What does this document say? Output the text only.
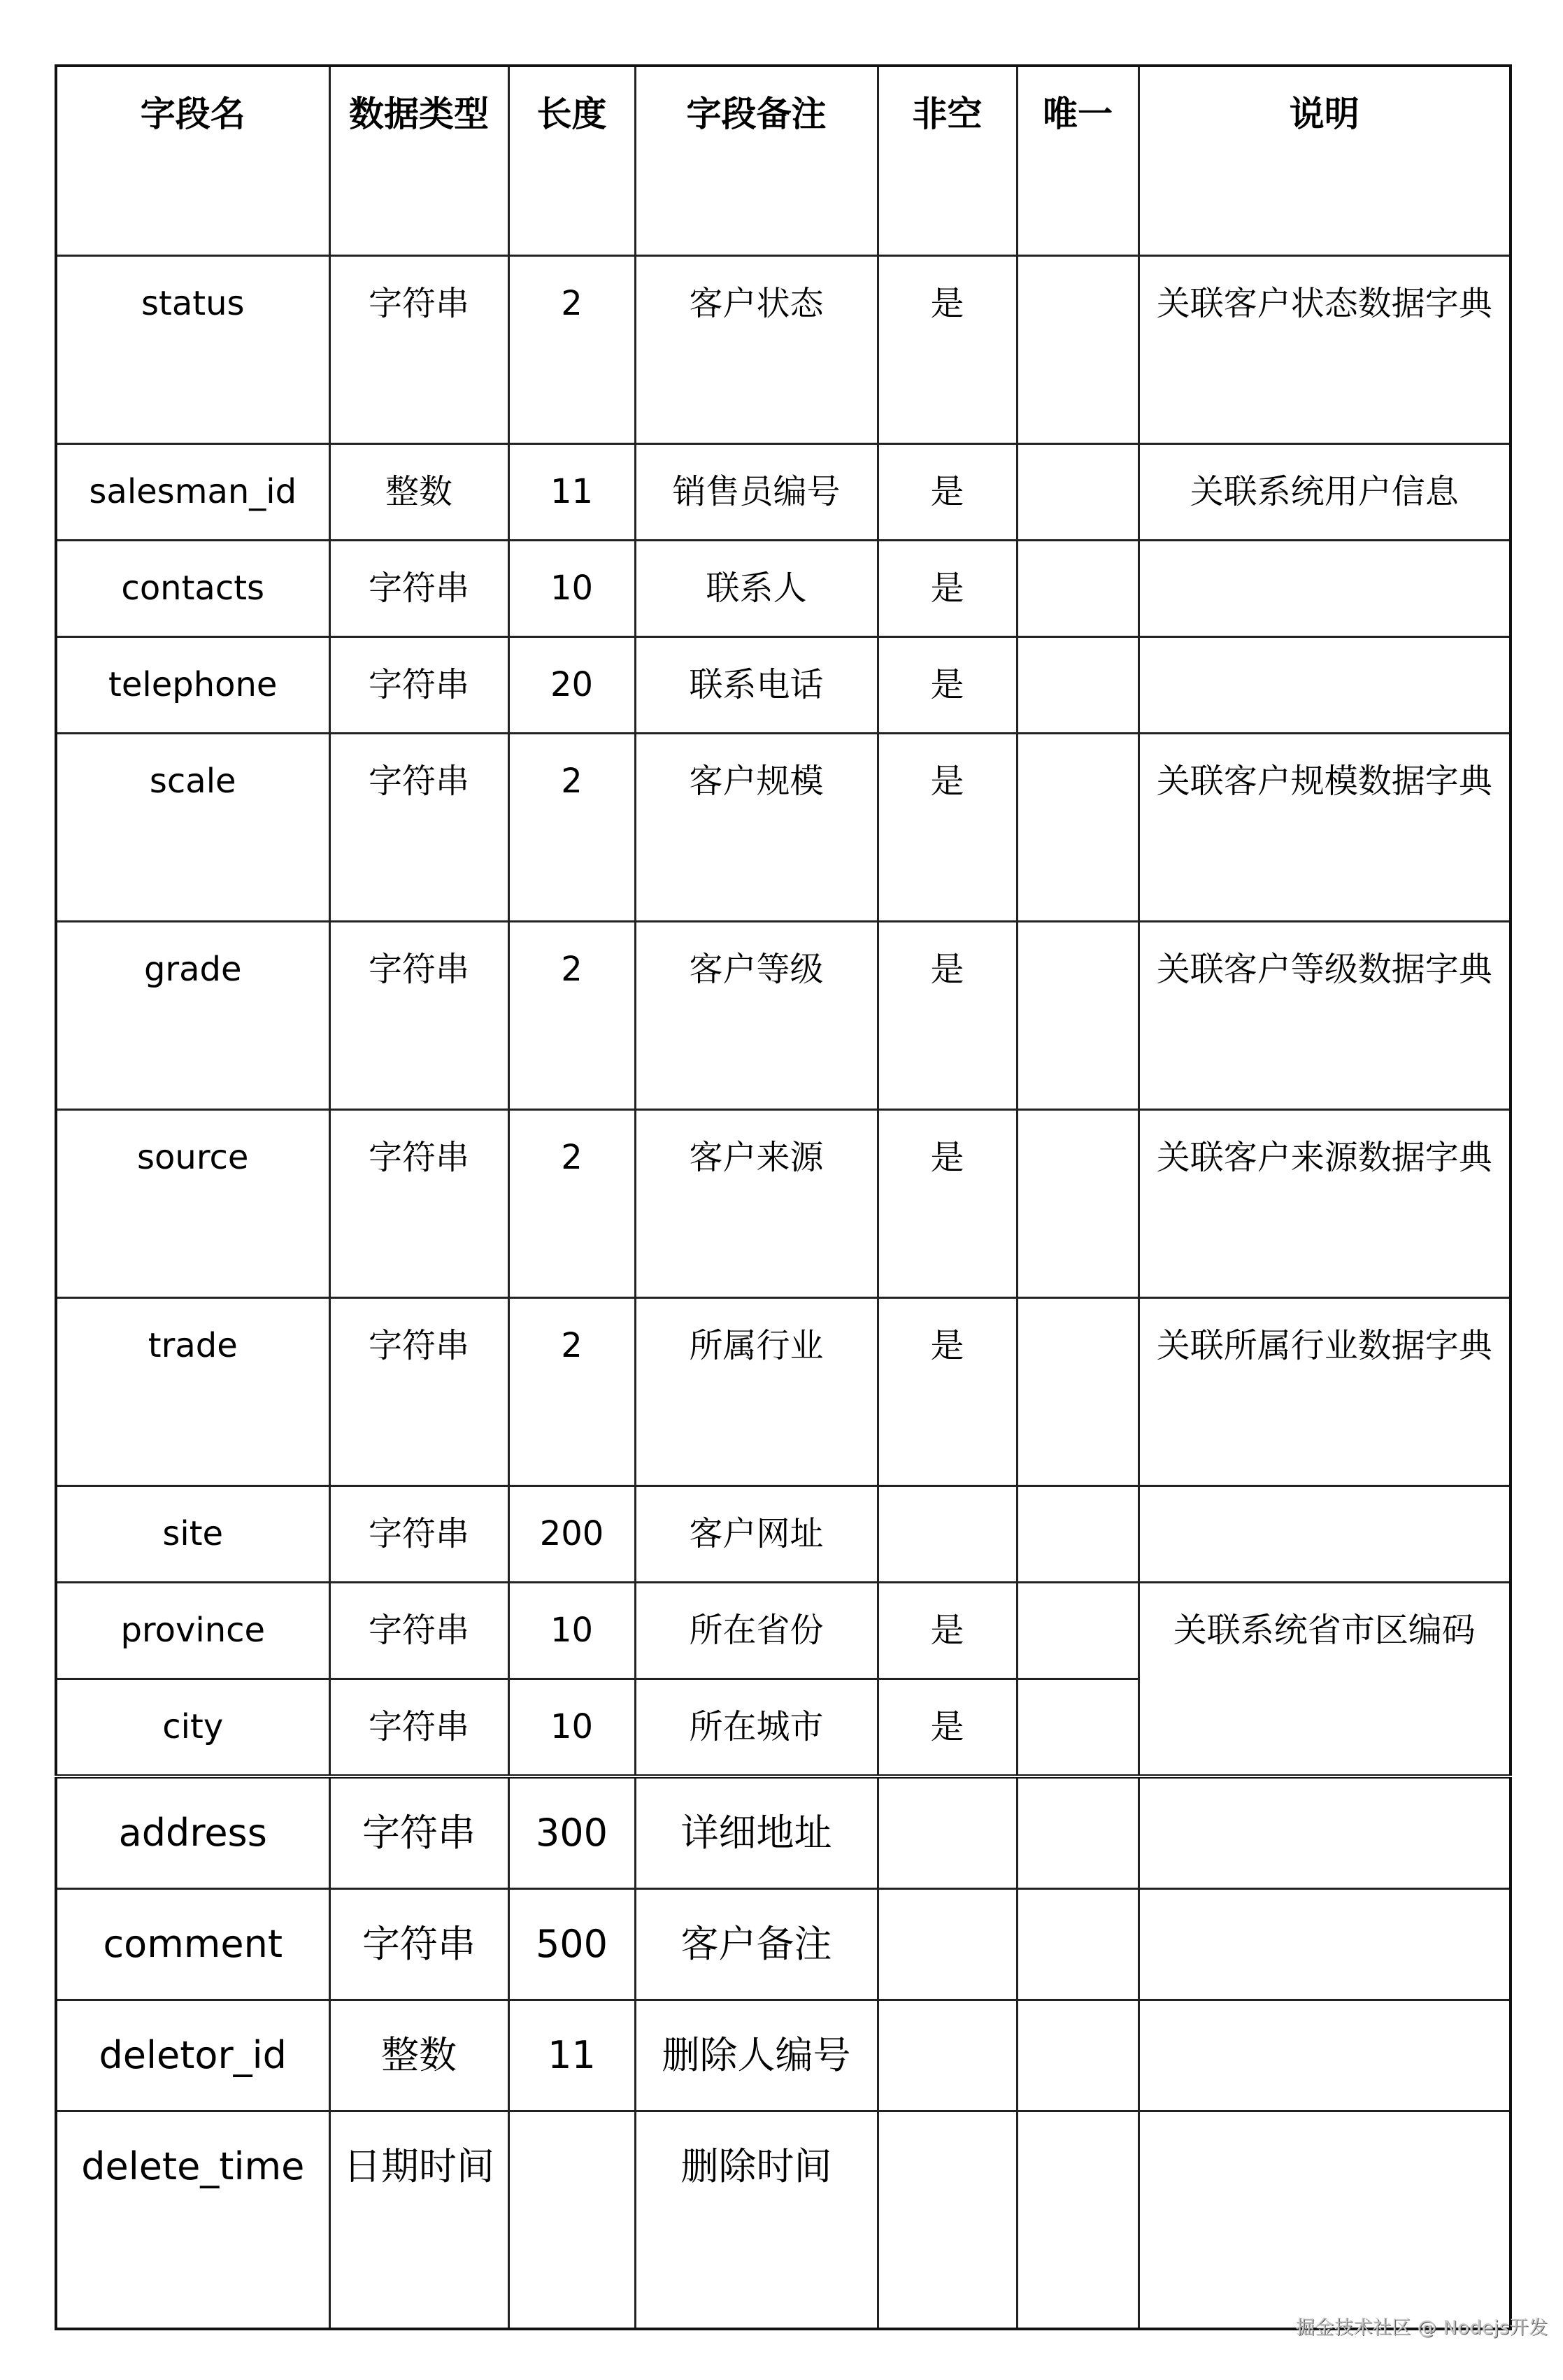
字段名	数据类型	长度	字段备注	非空	唯一	说明
status	字符串	2	客户状态	是		关联客户状态数据字典
salesman_id	整数	11	销售员编号	是		关联系统用户信息
contacts	字符串	10	联系人	是		
telephone	字符串	20	联系电话	是		
scale	字符串	2	客户规模	是		关联客户规模数据字典
grade	字符串	2	客户等级	是		关联客户等级数据字典
source	字符串	2	客户来源	是		关联客户来源数据字典
trade	字符串	2	所属行业	是		关联所属行业数据字典
site	字符串	200	客户网址			
province	字符串	10	所在省份	是		关联系统省市区编码
city	字符串	10	所在城市	是		
address	字符串	300	详细地址			
comment	字符串	500	客户备注			
deletor_id	整数	11	删除人编号			
delete_time	日期时间		删除时间			
掘金技术社区 @ Nodejs开发
